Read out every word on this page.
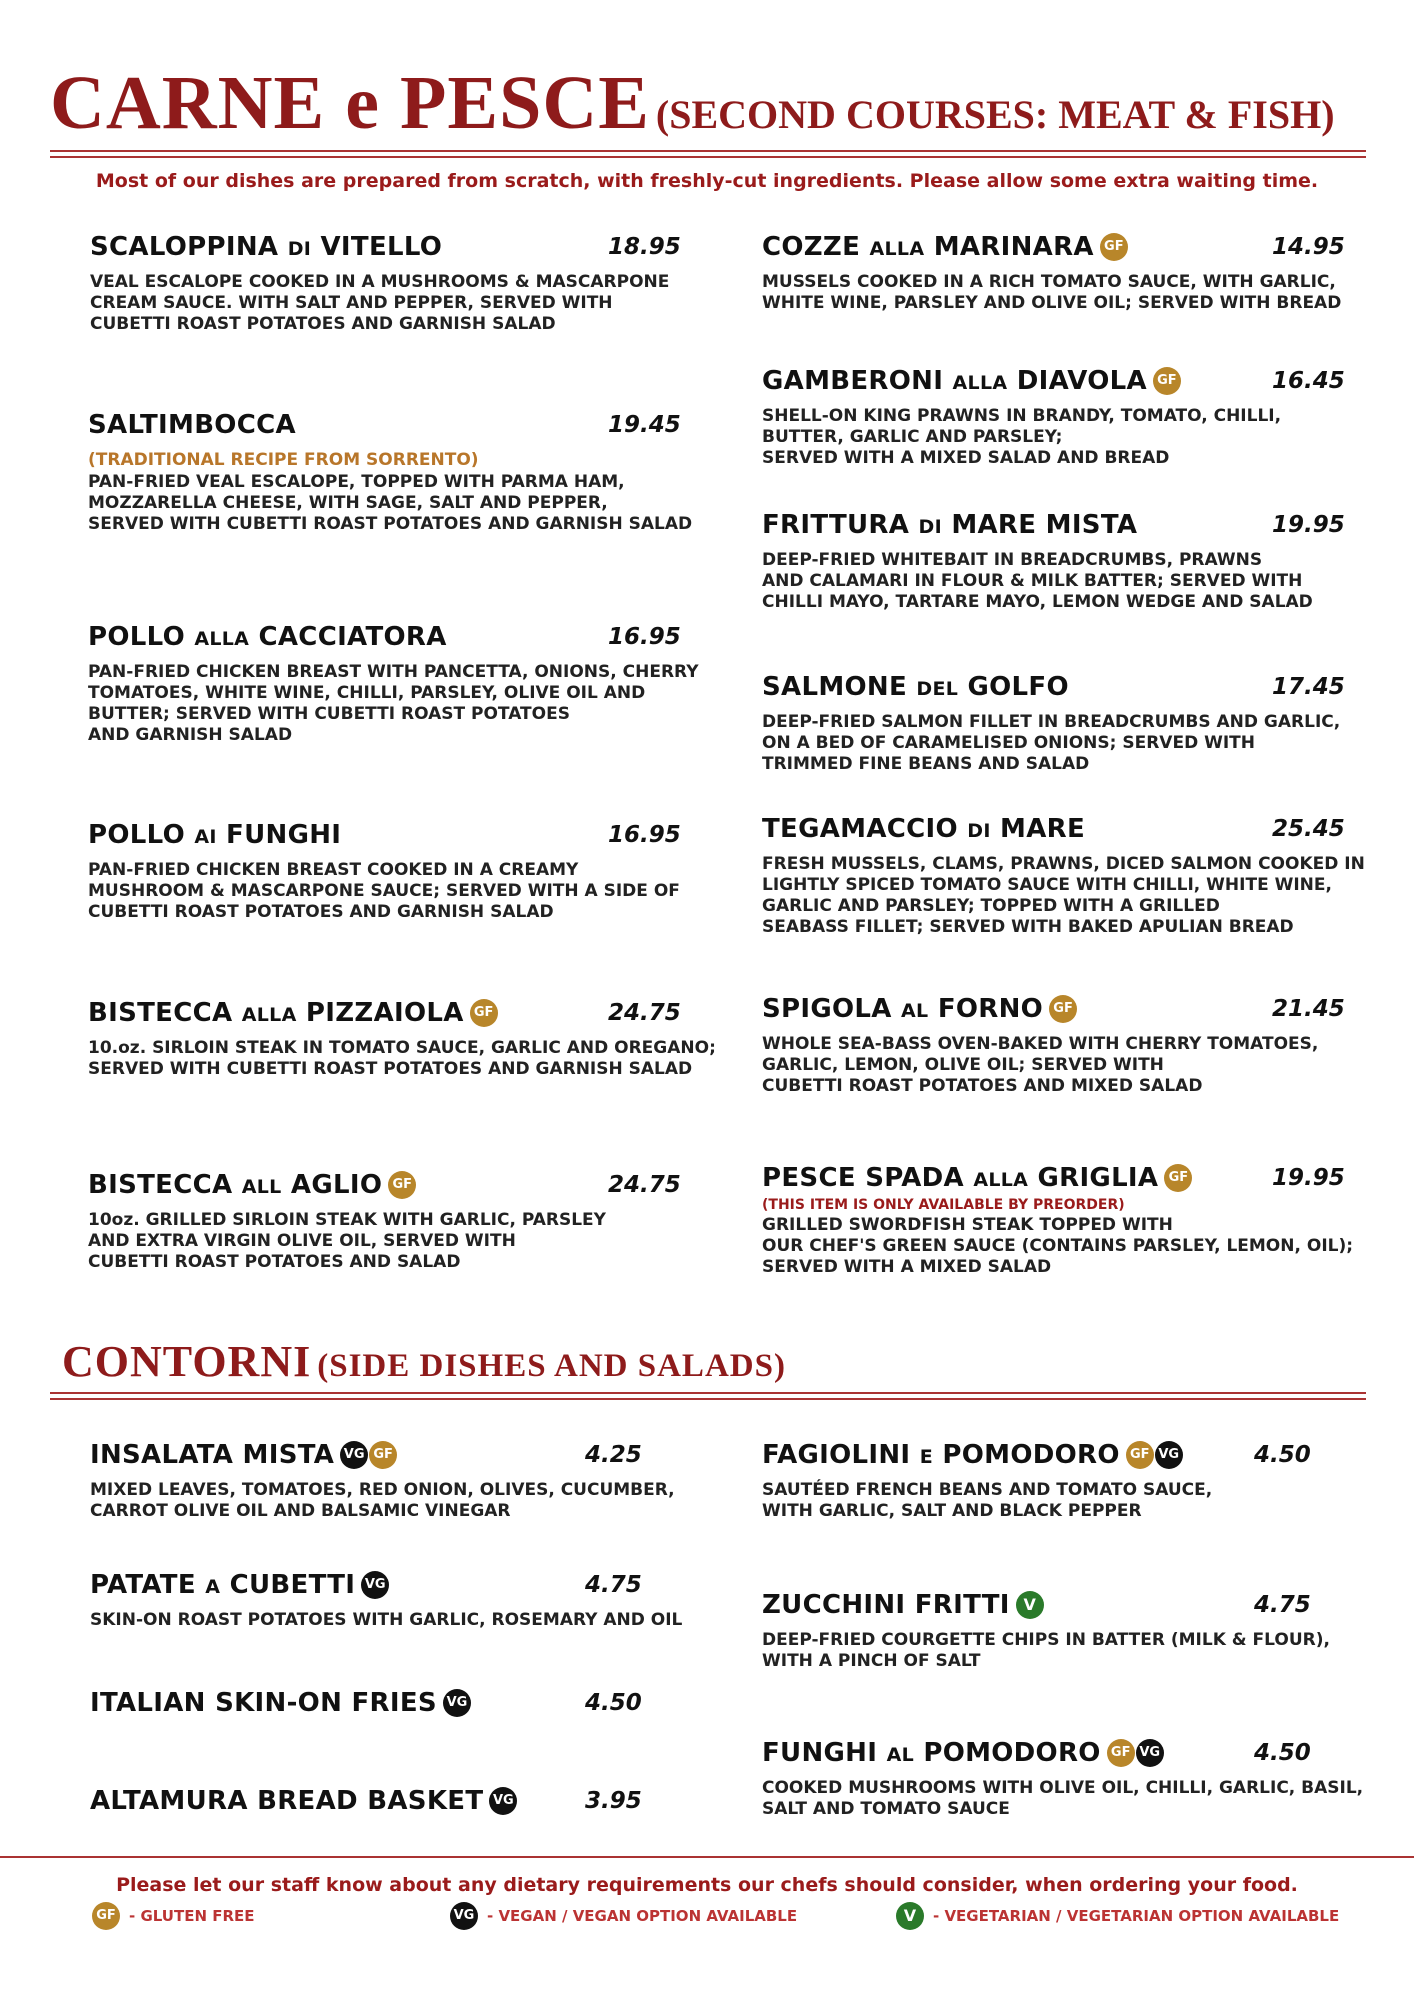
CARNE e PESCE (SECOND COURSES: MEAT & FISH)
Most of our dishes are prepared from scratch, with freshly-cut ingredients. Please allow some extra waiting time.
SCALOPPINA DI VITELLO	18.95
VEAL ESCALOPE COOKED IN A MUSHROOMS & MASCARPONE
CREAM SAUCE. WITH SALT AND PEPPER, SERVED WITH
CUBETTI ROAST POTATOES AND GARNISH SALAD
SALTIMBOCCA	19.45
(TRADITIONAL RECIPE FROM SORRENTO)
PAN-FRIED VEAL ESCALOPE, TOPPED WITH PARMA HAM,
MOZZARELLA CHEESE, WITH SAGE, SALT AND PEPPER,
SERVED WITH CUBETTI ROAST POTATOES AND GARNISH SALAD
POLLO ALLA CACCIATORA	16.95
PAN-FRIED CHICKEN BREAST WITH PANCETTA, ONIONS, CHERRY
TOMATOES, WHITE WINE, CHILLI, PARSLEY, OLIVE OIL AND
BUTTER; SERVED WITH CUBETTI ROAST POTATOES
AND GARNISH SALAD
POLLO AI FUNGHI	16.95
PAN-FRIED CHICKEN BREAST COOKED IN A CREAMY
MUSHROOM & MASCARPONE SAUCE; SERVED WITH A SIDE OF
CUBETTI ROAST POTATOES AND GARNISH SALAD
BISTECCA ALLA PIZZAIOLA GF	24.75
10.oz. SIRLOIN STEAK IN TOMATO SAUCE, GARLIC AND OREGANO;
SERVED WITH CUBETTI ROAST POTATOES AND GARNISH SALAD
BISTECCA ALL AGLIO GF	24.75
10oz. GRILLED SIRLOIN STEAK WITH GARLIC, PARSLEY
AND EXTRA VIRGIN OLIVE OIL, SERVED WITH
CUBETTI ROAST POTATOES AND SALAD
COZZE ALLA MARINARA GF	14.95
MUSSELS COOKED IN A RICH TOMATO SAUCE, WITH GARLIC,
WHITE WINE, PARSLEY AND OLIVE OIL; SERVED WITH BREAD
GAMBERONI ALLA DIAVOLA GF	16.45
SHELL-ON KING PRAWNS IN BRANDY, TOMATO, CHILLI,
BUTTER, GARLIC AND PARSLEY;
SERVED WITH A MIXED SALAD AND BREAD
FRITTURA DI MARE MISTA	19.95
DEEP-FRIED WHITEBAIT IN BREADCRUMBS, PRAWNS
AND CALAMARI IN FLOUR & MILK BATTER; SERVED WITH
CHILLI MAYO, TARTARE MAYO, LEMON WEDGE AND SALAD
SALMONE DEL GOLFO	17.45
DEEP-FRIED SALMON FILLET IN BREADCRUMBS AND GARLIC,
ON A BED OF CARAMELISED ONIONS; SERVED WITH
TRIMMED FINE BEANS AND SALAD
TEGAMACCIO DI MARE	25.45
FRESH MUSSELS, CLAMS, PRAWNS, DICED SALMON COOKED IN
LIGHTLY SPICED TOMATO SAUCE WITH CHILLI, WHITE WINE,
GARLIC AND PARSLEY; TOPPED WITH A GRILLED
SEABASS FILLET; SERVED WITH BAKED APULIAN BREAD
SPIGOLA AL FORNO GF	21.45
WHOLE SEA-BASS OVEN-BAKED WITH CHERRY TOMATOES,
GARLIC, LEMON, OLIVE OIL; SERVED WITH
CUBETTI ROAST POTATOES AND MIXED SALAD
PESCE SPADA ALLA GRIGLIA GF	19.95
(THIS ITEM IS ONLY AVAILABLE BY PREORDER)
GRILLED SWORDFISH STEAK TOPPED WITH
OUR CHEF'S GREEN SAUCE (CONTAINS PARSLEY, LEMON, OIL);
SERVED WITH A MIXED SALAD
CONTORNI (SIDE DISHES AND SALADS)
INSALATA MISTA VG GF	4.25
MIXED LEAVES, TOMATOES, RED ONION, OLIVES, CUCUMBER,
CARROT OLIVE OIL AND BALSAMIC VINEGAR
PATATE A CUBETTI VG	4.75
SKIN-ON ROAST POTATOES WITH GARLIC, ROSEMARY AND OIL
ITALIAN SKIN-ON FRIES VG	4.50
ALTAMURA BREAD BASKET VG	3.95
FAGIOLINI E POMODORO GF VG	4.50
SAUTÉED FRENCH BEANS AND TOMATO SAUCE,
WITH GARLIC, SALT AND BLACK PEPPER
ZUCCHINI FRITTI V	4.75
DEEP-FRIED COURGETTE CHIPS IN BATTER (MILK & FLOUR),
WITH A PINCH OF SALT
FUNGHI AL POMODORO GF VG	4.50
COOKED MUSHROOMS WITH OLIVE OIL, CHILLI, GARLIC, BASIL,
SALT AND TOMATO SAUCE
Please let our staff know about any dietary requirements our chefs should consider, when ordering your food.
GF - GLUTEN FREE	VG - VEGAN / VEGAN OPTION AVAILABLE	V	- VEGETARIAN / VEGETARIAN OPTION AVAILABLE
